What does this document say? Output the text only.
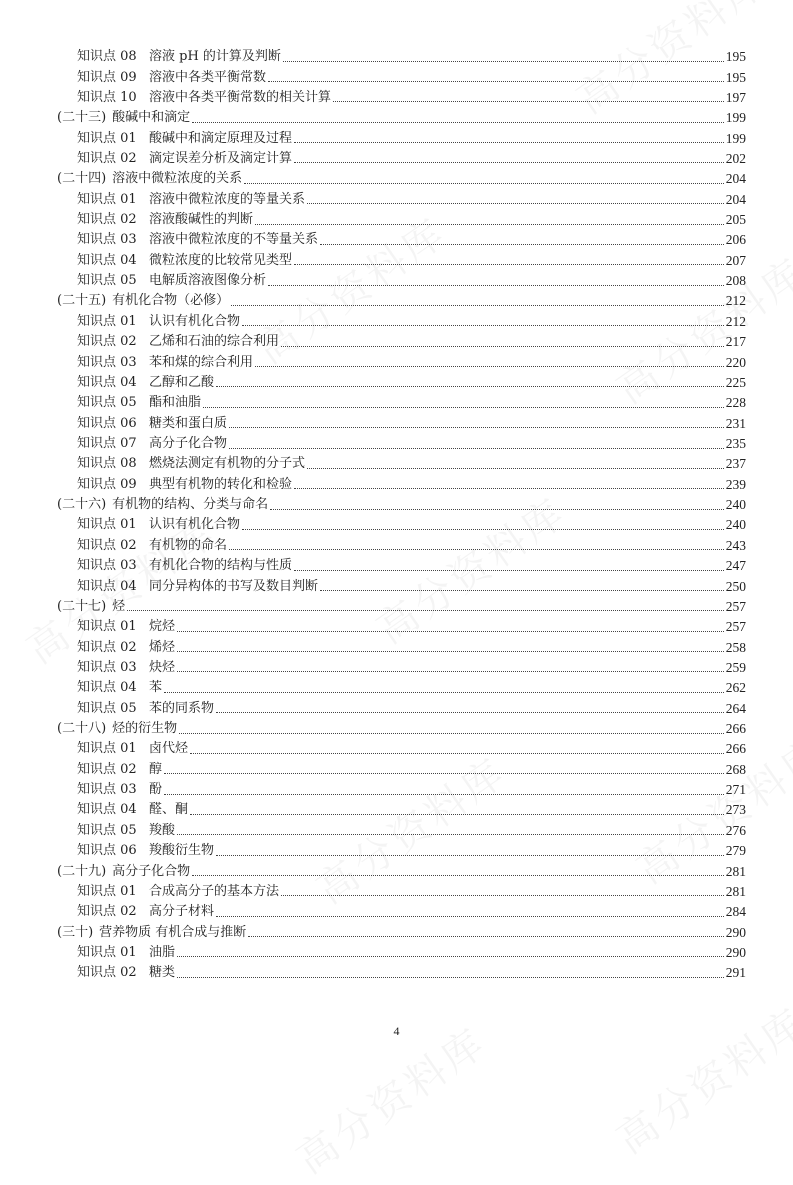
知识点 08 溶液 pH 的计算及判断	195
知识点 09 溶液中各类平衡常数	195
知识点 10 溶液中各类平衡常数的相关计算	197
(二十三) 酸碱中和滴定	199
知识点 01 酸碱中和滴定原理及过程	199
知识点 02 滴定误差分析及滴定计算	202
(二十四) 溶液中微粒浓度的关系	204
知识点 01 溶液中微粒浓度的等量关系	204
知识点 02 溶液酸碱性的判断	205
知识点 03 溶液中微粒浓度的不等量关系	206
知识点 04 微粒浓度的比较常见类型	207
知识点 05 电解质溶液图像分析	208
(二十五) 有机化合物（必修）	212
知识点 01 认识有机化合物	212
知识点 02 乙烯和石油的综合利用	217
知识点 03 苯和煤的综合利用	220
知识点 04 乙醇和乙酸	225
知识点 05 酯和油脂	228
知识点 06 糖类和蛋白质	231
知识点 07 高分子化合物	235
知识点 08 燃烧法测定有机物的分子式	237
知识点 09 典型有机物的转化和检验	239
(二十六) 有机物的结构、分类与命名	240
知识点 01 认识有机化合物	240
知识点 02 有机物的命名	243
知识点 03 有机化合物的结构与性质	247
知识点 04 同分异构体的书写及数目判断	250
(二十七) 烃	257
知识点 01 烷烃	257
知识点 02 烯烃	258
知识点 03 炔烃	259
知识点 04 苯	262
知识点 05 苯的同系物	264
(二十八) 烃的衍生物	266
知识点 01 卤代烃	266
知识点 02 醇	268
知识点 03 酚	271
知识点 04 醛、酮	273
知识点 05 羧酸	276
知识点 06 羧酸衍生物	279
(二十九) 高分子化合物	281
知识点 01 合成高分子的基本方法	281
知识点 02 高分子材料	284
(三十) 营养物质 有机合成与推断	290
知识点 01 油脂	290
知识点 02 糖类	291
4
